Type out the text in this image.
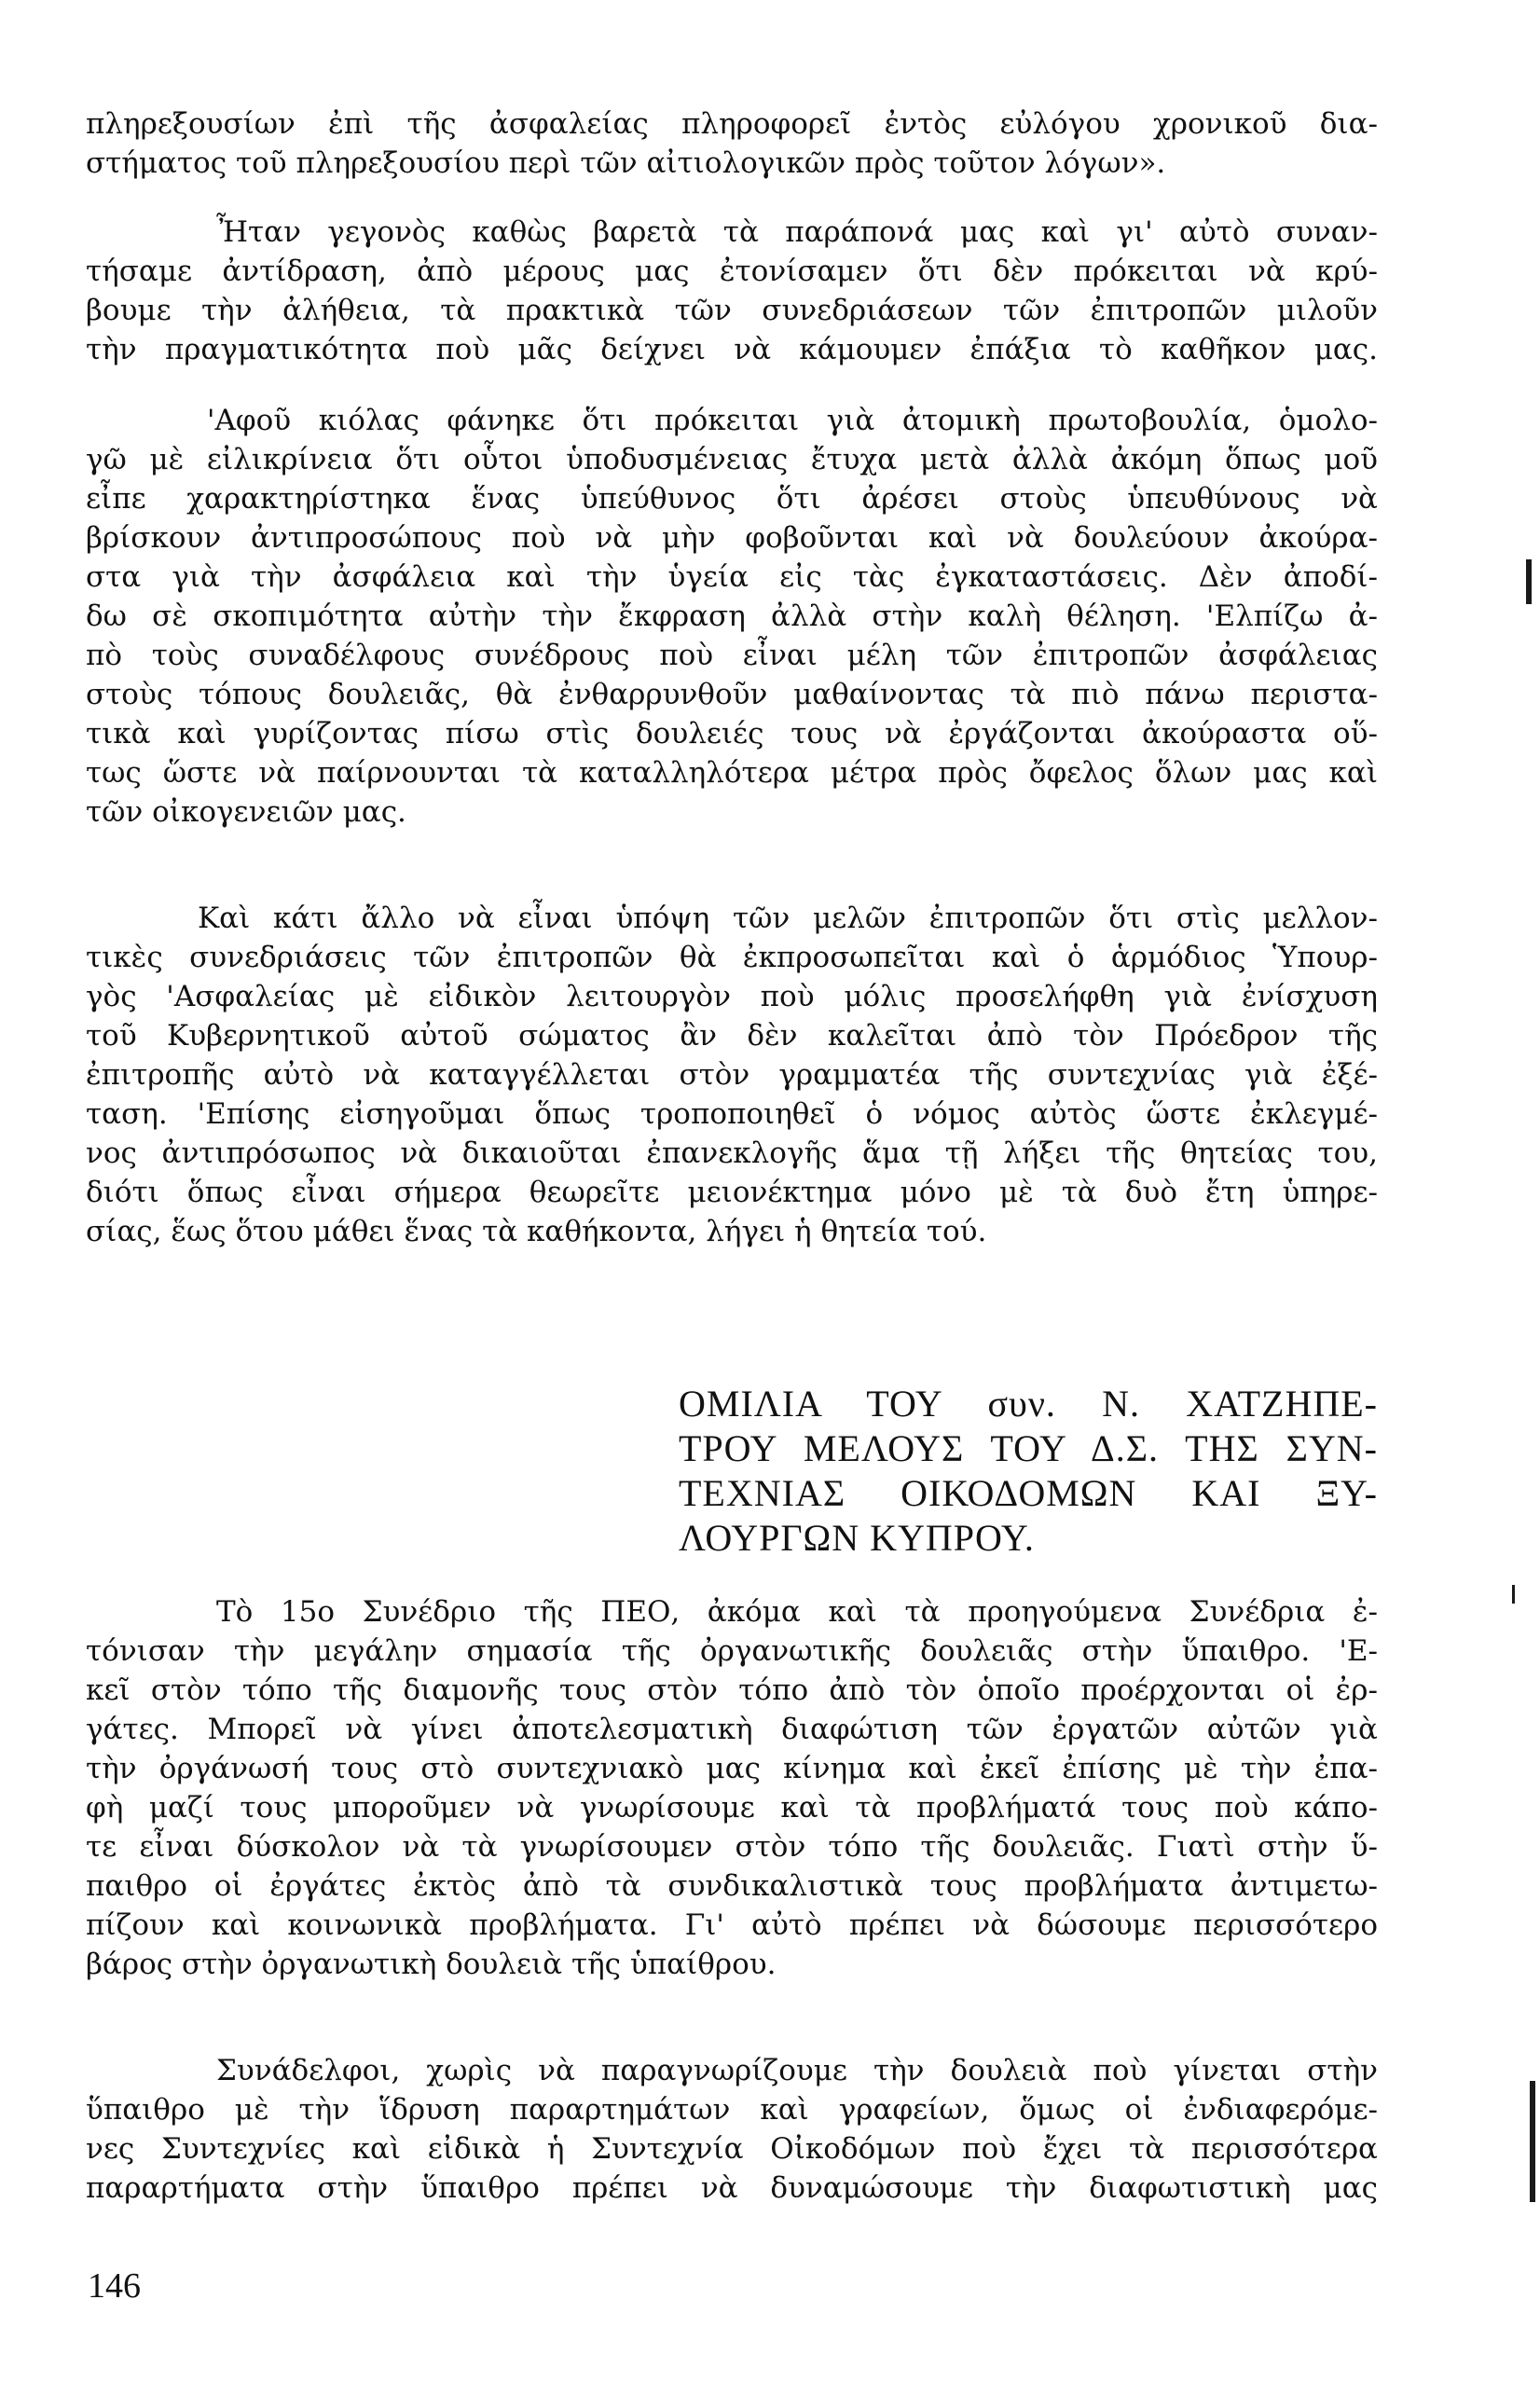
πληρεξουσίων ἐπὶ τῆς ἀσφαλείας πληροφορεῖ ἐντὸς εὐλόγου χρονικοῦ δια-
στήματος τοῦ πληρεξουσίου περὶ τῶν αἰτιολογικῶν πρὸς τοῦτον λόγων».
Ἦταν γεγονὸς καθὼς βαρετὰ τὰ παράπονά μας καὶ γι' αὐτὸ συναν-
τήσαμε ἀντίδραση, ἀπὸ μέρους μας ἐτονίσαμεν ὅτι δὲν πρόκειται νὰ κρύ-
βουμε τὴν ἀλήθεια, τὰ πρακτικὰ τῶν συνεδριάσεων τῶν ἐπιτροπῶν μιλοῦν
τὴν πραγματικότητα ποὺ μᾶς δείχνει νὰ κάμουμεν ἐπάξια τὸ καθῆκον μας.
'Αφοῦ κιόλας φάνηκε ὅτι πρόκειται γιὰ ἀτομικὴ πρωτοβουλία, ὁμολο-
γῶ μὲ εἰλικρίνεια ὅτι οὗτοι ὑποδυσμένειας ἔτυχα μετὰ ἀλλὰ ἀκόμη ὅπως μοῦ
εἶπε χαρακτηρίστηκα ἕνας ὑπεύθυνος ὅτι ἀρέσει στοὺς ὑπευθύνους νὰ
βρίσκουν ἀντιπροσώπους ποὺ νὰ μὴν φοβοῦνται καὶ νὰ δουλεύουν ἀκούρα-
στα γιὰ τὴν ἀσφάλεια καὶ τὴν ὑγεία εἰς τὰς ἐγκαταστάσεις. Δὲν ἀποδί-
δω σὲ σκοπιμότητα αὐτὴν τὴν ἔκφραση ἀλλὰ στὴν καλὴ θέληση. 'Ελπίζω ἀ-
πὸ τοὺς συναδέλφους συνέδρους ποὺ εἶναι μέλη τῶν ἐπιτροπῶν ἀσφάλειας
στοὺς τόπους δουλειᾶς, θὰ ἐνθαρρυνθοῦν μαθαίνοντας τὰ πιὸ πάνω περιστα-
τικὰ καὶ γυρίζοντας πίσω στὶς δουλειές τους νὰ ἐργάζονται ἀκούραστα οὕ-
τως ὥστε νὰ παίρνουνται τὰ καταλληλότερα μέτρα πρὸς ὄφελος ὅλων μας καὶ
τῶν οἰκογενειῶν μας.
Καὶ κάτι ἄλλο νὰ εἶναι ὑπόψη τῶν μελῶν ἐπιτροπῶν ὅτι στὶς μελλον-
τικὲς συνεδριάσεις τῶν ἐπιτροπῶν θὰ ἐκπροσωπεῖται καὶ ὁ ἁρμόδιος Ὑπουρ-
γὸς 'Ασφαλείας μὲ εἰδικὸν λειτουργὸν ποὺ μόλις προσελήφθη γιὰ ἐνίσχυση
τοῦ Κυβερνητικοῦ αὐτοῦ σώματος ἂν δὲν καλεῖται ἀπὸ τὸν Πρόεδρον τῆς
ἐπιτροπῆς αὐτὸ νὰ καταγγέλλεται στὸν γραμματέα τῆς συντεχνίας γιὰ ἐξέ-
ταση. 'Επίσης εἰσηγοῦμαι ὅπως τροποποιηθεῖ ὁ νόμος αὐτὸς ὥστε ἐκλεγμέ-
νος ἀντιπρόσωπος νὰ δικαιοῦται ἐπανεκλογῆς ἅμα τῇ λήξει τῆς θητείας του,
διότι ὅπως εἶναι σήμερα θεωρεῖτε μειονέκτημα μόνο μὲ τὰ δυὸ ἔτη ὑπηρε-
σίας, ἕως ὅτου μάθει ἕνας τὰ καθήκοντα, λήγει ἡ θητεία τού.
ΟΜΙΛΙΑ ΤΟΥ συν. Ν. ΧΑΤΖΗΠΕ-
ΤΡΟΥ ΜΕΛΟΥΣ ΤΟΥ Δ.Σ. ΤΗΣ ΣΥΝ-
ΤΕΧΝΙΑΣ ΟΙΚΟΔΟΜΩΝ ΚΑΙ ΞΥ-
ΛΟΥΡΓΩΝ ΚΥΠΡΟΥ.
Τὸ 15ο Συνέδριο τῆς ΠΕΟ, ἀκόμα καὶ τὰ προηγούμενα Συνέδρια ἐ-
τόνισαν τὴν μεγάλην σημασία τῆς ὀργανωτικῆς δουλειᾶς στὴν ὕπαιθρο. 'Ε-
κεῖ στὸν τόπο τῆς διαμονῆς τους στὸν τόπο ἀπὸ τὸν ὁποῖο προέρχονται οἱ ἐρ-
γάτες. Μπορεῖ νὰ γίνει ἀποτελεσματικὴ διαφώτιση τῶν ἐργατῶν αὐτῶν γιὰ
τὴν ὀργάνωσή τους στὸ συντεχνιακὸ μας κίνημα καὶ ἐκεῖ ἐπίσης μὲ τὴν ἐπα-
φὴ μαζί τους μποροῦμεν νὰ γνωρίσουμε καὶ τὰ προβλήματά τους ποὺ κάπο-
τε εἶναι δύσκολον νὰ τὰ γνωρίσουμεν στὸν τόπο τῆς δουλειᾶς. Γιατὶ στὴν ὕ-
παιθρο οἱ ἐργάτες ἐκτὸς ἀπὸ τὰ συνδικαλιστικὰ τους προβλήματα ἀντιμετω-
πίζουν καὶ κοινωνικὰ προβλήματα. Γι' αὐτὸ πρέπει νὰ δώσουμε περισσότερο
βάρος στὴν ὀργανωτικὴ δουλειὰ τῆς ὑπαίθρου.
Συνάδελφοι, χωρὶς νὰ παραγνωρίζουμε τὴν δουλειὰ ποὺ γίνεται στὴν
ὕπαιθρο μὲ τὴν ἵδρυση παραρτημάτων καὶ γραφείων, ὅμως οἱ ἐνδιαφερόμε-
νες Συντεχνίες καὶ εἰδικὰ ἡ Συντεχνία Οἰκοδόμων ποὺ ἔχει τὰ περισσότερα
παραρτήματα στὴν ὕπαιθρο πρέπει νὰ δυναμώσουμε τὴν διαφωτιστικὴ μας
146
